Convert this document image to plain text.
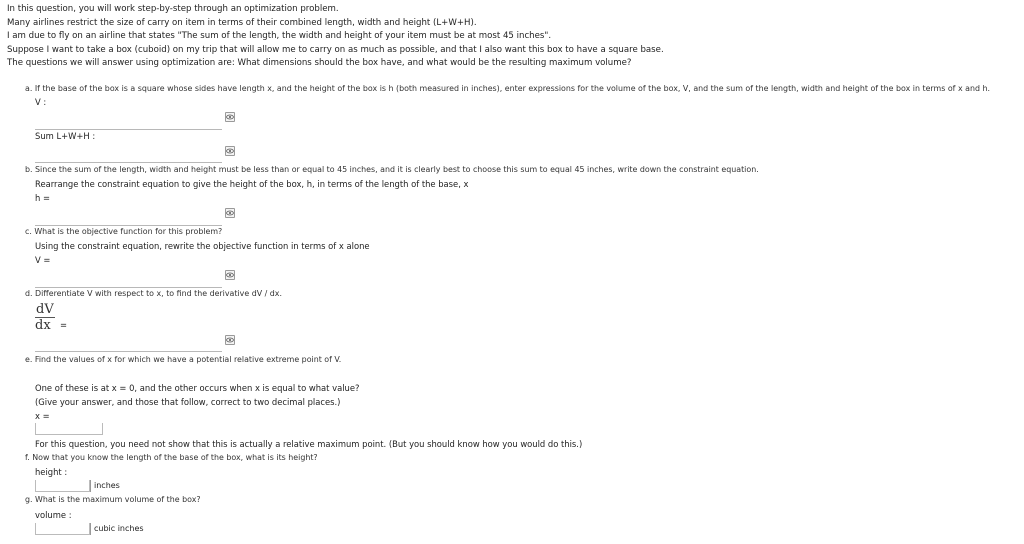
In this question, you will work step-by-step through an optimization problem.

Many airlines restrict the size of carry on item in terms of their combined length, width and height (L+W+H).

I am due to fly on an airline that states "The sum of the length, the width and height of your item must be at most 45 inches".

Suppose I want to take a box (cuboid) on my trip that will allow me to carry on as much as possible, and that I also want this box to have a square base.

The questions we will answer using optimization are: What dimensions should the box have, and what would be the resulting maximum volume?

a. If the base of the box is a square whose sides have length x, and the height of the box is h (both measured in inches), enter expressions for the volume of the box, V, and the sum of the length, width and height of the box in terms of x and h.
V :
Sum L+W+H :
b. Since the sum of the length, width and height must be less than or equal to 45 inches, and it is clearly best to choose this sum to equal 45 inches, write down the constraint equation.
Rearrange the constraint equation to give the height of the box, h, in terms of the length of the base, x
h =
c. What is the objective function for this problem?
Using the constraint equation, rewrite the objective function in terms of x alone
V =
d. Differentiate V with respect to x, to find the derivative dV / dx.
$\frac{dV}{dx}$ =
e. Find the values of x for which we have a potential relative extreme point of V.
One of these is at x = 0, and the other occurs when x is equal to what value?
(Give your answer, and those that follow, correct to two decimal places.)
x =
For this question, you need not show that this is actually a relative maximum point. (But you should know how you would do this.)
f. Now that you know the length of the base of the box, what is its height?
height :
inches
g. What is the maximum volume of the box?
volume :
cubic inches
